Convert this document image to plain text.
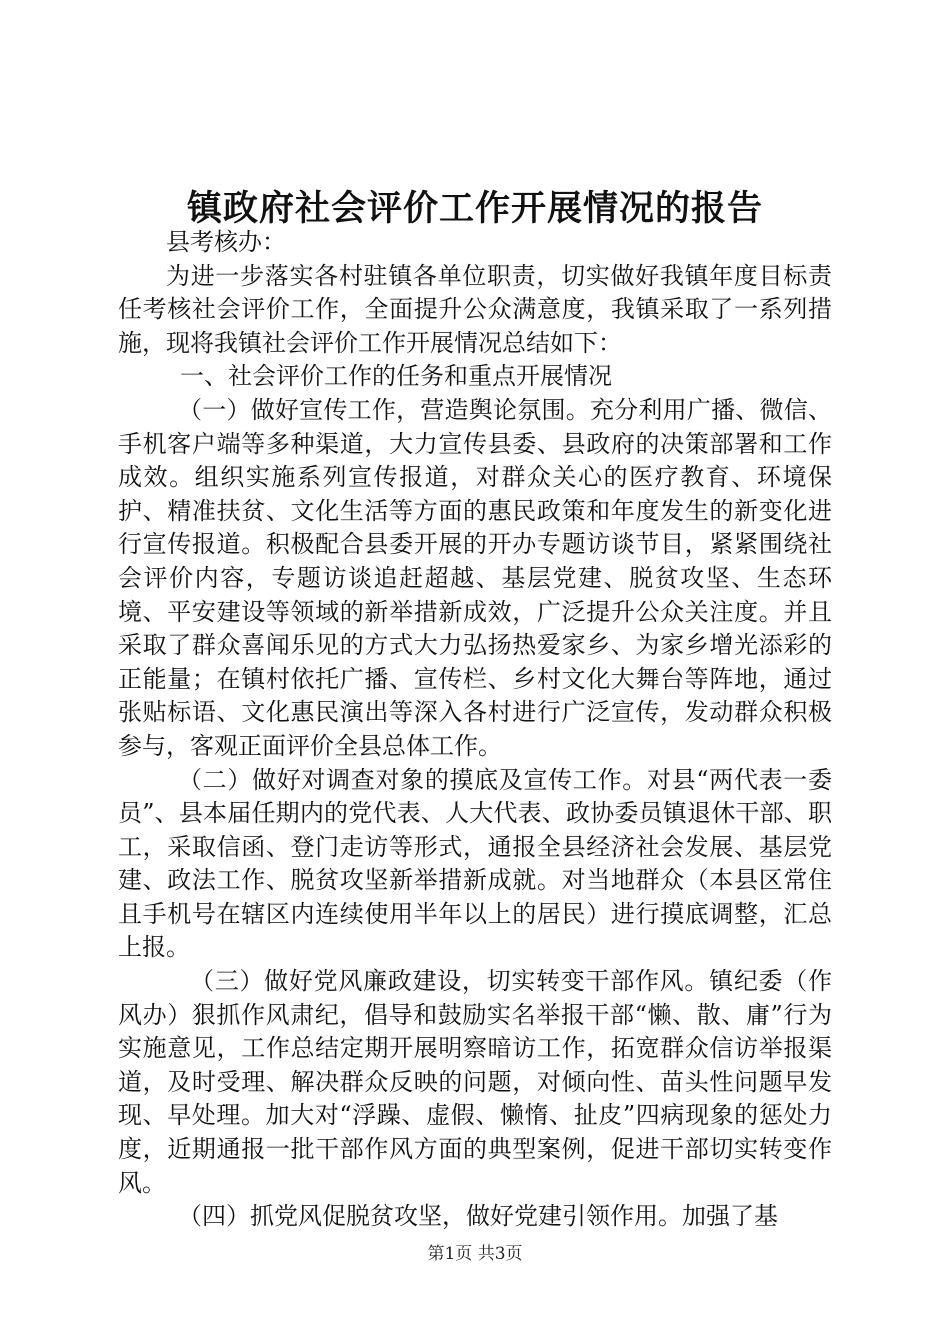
镇政府社会评价工作开展情况的报告

县考核办：

为进一步落实各村驻镇各单位职责，切实做好我镇年度目标责任考核社会评价工作，全面提升公众满意度，我镇采取了一系列措施，现将我镇社会评价工作开展情况总结如下：

一、社会评价工作的任务和重点开展情况

（一）做好宣传工作，营造舆论氛围。充分利用广播、微信、手机客户端等多种渠道，大力宣传县委、县政府的决策部署和工作成效。组织实施系列宣传报道，对群众关心的医疗教育、环境保护、精准扶贫、文化生活等方面的惠民政策和年度发生的新变化进行宣传报道。积极配合县委开展的开办专题访谈节目，紧紧围绕社会评价内容，专题访谈追赶超越、基层党建、脱贫攻坚、生态环境、平安建设等领域的新举措新成效，广泛提升公众关注度。并且采取了群众喜闻乐见的方式大力弘扬热爱家乡、为家乡增光添彩的正能量；在镇村依托广播、宣传栏、乡村文化大舞台等阵地，通过张贴标语、文化惠民演出等深入各村进行广泛宣传，发动群众积极参与，客观正面评价全县总体工作。

（二）做好对调查对象的摸底及宣传工作。对县“两代表一委员”、县本届任期内的党代表、人大代表、政协委员镇退休干部、职工，采取信函、登门走访等形式，通报全县经济社会发展、基层党建、政法工作、脱贫攻坚新举措新成就。对当地群众（本县区常住且手机号在辖区内连续使用半年以上的居民）进行摸底调整，汇总上报。

（三）做好党风廉政建设，切实转变干部作风。镇纪委（作风办）狠抓作风肃纪，倡导和鼓励实名举报干部“懒、散、庸”行为实施意见，工作总结定期开展明察暗访工作，拓宽群众信访举报渠道，及时受理、解决群众反映的问题，对倾向性、苗头性问题早发现、早处理。加大对“浮躁、虚假、懒惰、扯皮”四病现象的惩处力度，近期通报一批干部作风方面的典型案例，促进干部切实转变作风。

（四）抓党风促脱贫攻坚，做好党建引领作用。加强了基

第1页 共3页
